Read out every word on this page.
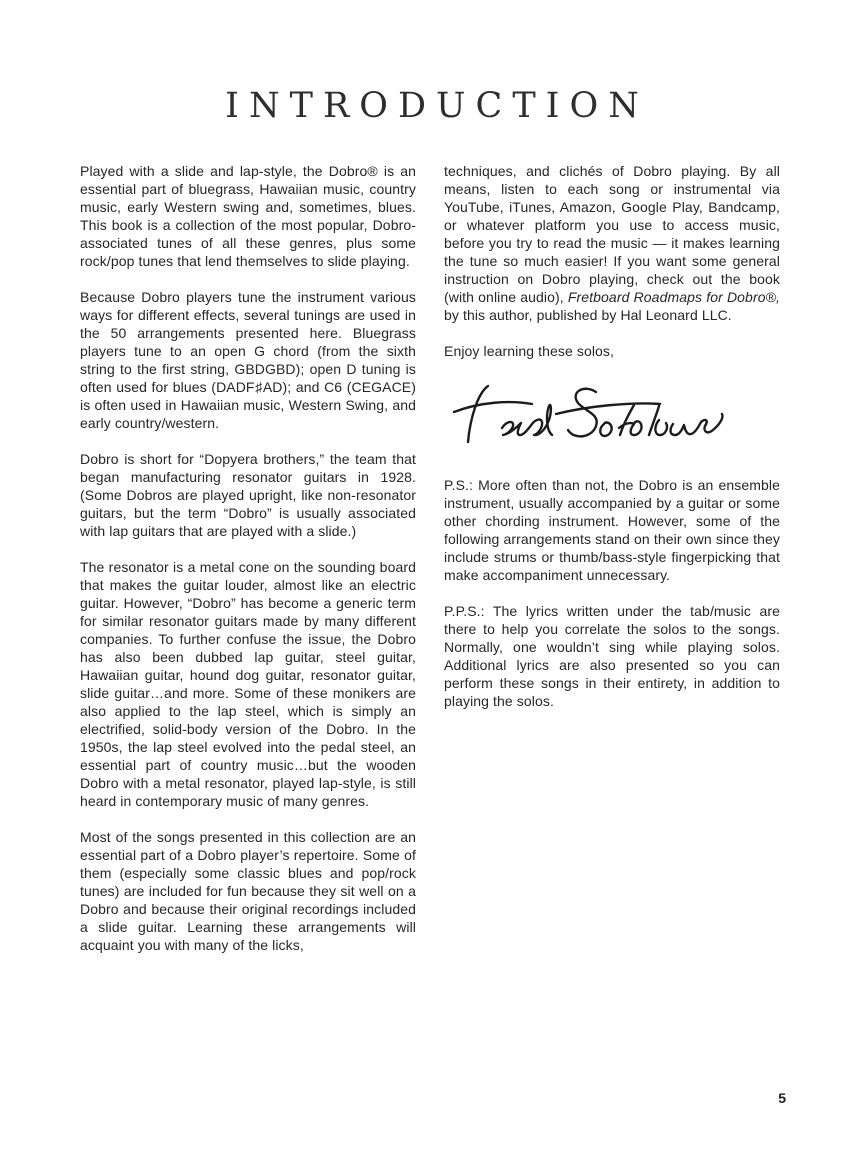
INTRODUCTION

Played with a slide and lap-style, the Dobro® is an essential part of bluegrass, Hawaiian music, country music, early Western swing and, sometimes, blues. This book is a collection of the most popular, Dobro-associated tunes of all these genres, plus some rock/pop tunes that lend themselves to slide playing.

Because Dobro players tune the instrument various ways for different effects, several tunings are used in the 50 arrangements presented here. Bluegrass players tune to an open G chord (from the sixth string to the first string, GBDGBD); open D tuning is often used for blues (DADF♯AD); and C6 (CEGACE) is often used in Hawaiian music, Western Swing, and early country/western.

Dobro is short for “Dopyera brothers,” the team that began manufacturing resonator guitars in 1928. (Some Dobros are played upright, like non-resonator guitars, but the term “Dobro” is usually associated with lap guitars that are played with a slide.)

The resonator is a metal cone on the sounding board that makes the guitar louder, almost like an electric guitar. However, “Dobro” has become a generic term for similar resonator guitars made by many different companies. To further confuse the issue, the Dobro has also been dubbed lap guitar, steel guitar, Hawaiian guitar, hound dog guitar, resonator guitar, slide guitar…and more. Some of these monikers are also applied to the lap steel, which is simply an electrified, solid-body version of the Dobro. In the 1950s, the lap steel evolved into the pedal steel, an essential part of country music…but the wooden Dobro with a metal resonator, played lap-style, is still heard in contemporary music of many genres.

Most of the songs presented in this collection are an essential part of a Dobro player’s repertoire. Some of them (especially some classic blues and pop/rock tunes) are included for fun because they sit well on a Dobro and because their original recordings included a slide guitar. Learning these arrangements will acquaint you with many of the licks,

techniques, and clichés of Dobro playing. By all means, listen to each song or instrumental via YouTube, iTunes, Amazon, Google Play, Bandcamp, or whatever platform you use to access music, before you try to read the music — it makes learning the tune so much easier! If you want some general instruction on Dobro playing, check out the book (with online audio), Fretboard Roadmaps for Dobro®, by this author, published by Hal Leonard LLC.

Enjoy learning these solos,

P.S.: More often than not, the Dobro is an ensemble instrument, usually accompanied by a guitar or some other chording instrument. However, some of the following arrangements stand on their own since they include strums or thumb/bass-style fingerpicking that make accompaniment unnecessary.

P.P.S.: The lyrics written under the tab/music are there to help you correlate the solos to the songs. Normally, one wouldn’t sing while playing solos. Additional lyrics are also presented so you can perform these songs in their entirety, in addition to playing the solos.

5
